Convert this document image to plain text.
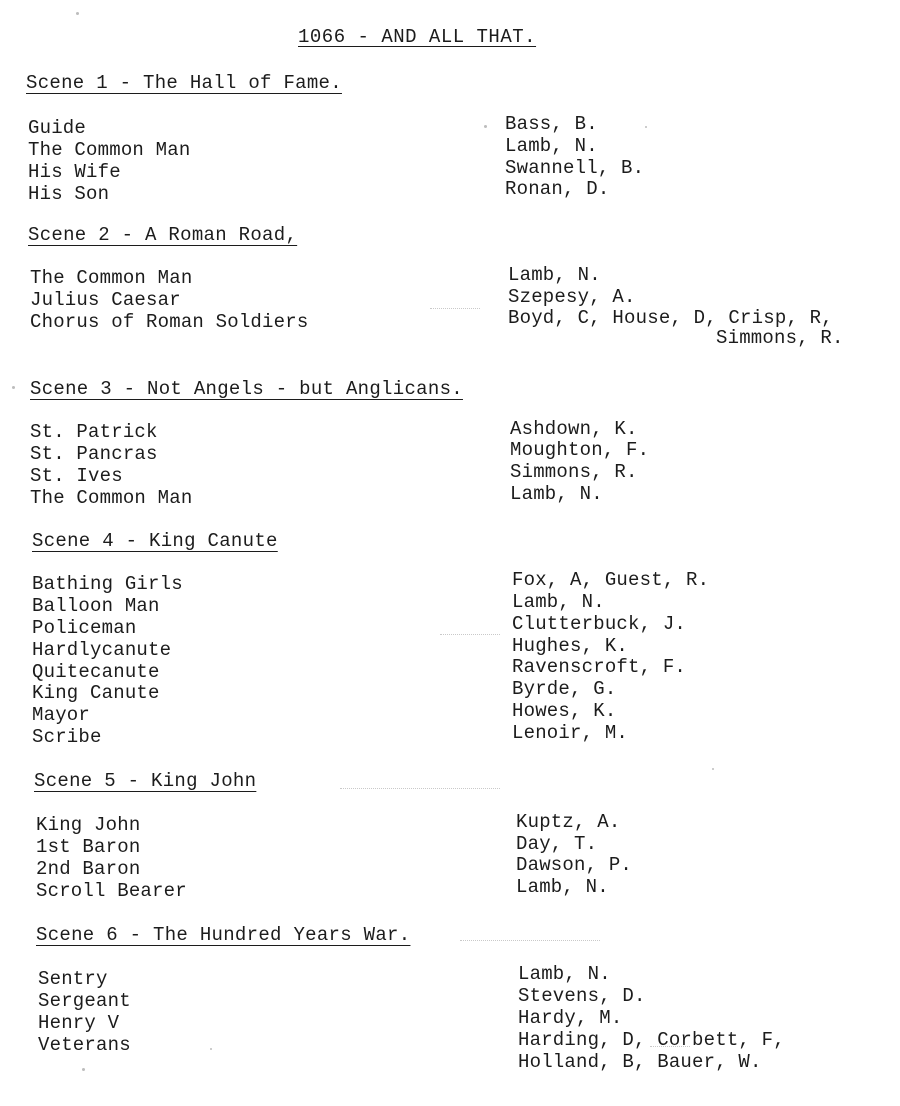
1066 - AND ALL THAT.
Scene 1 - The Hall of Fame.
Guide
The Common Man
His Wife
His Son
Bass, B.
Lamb, N.
Swannell, B.
Ronan, D.
Scene 2 - A Roman Road,
The Common Man
Julius Caesar
Chorus of Roman Soldiers
Lamb, N.
Szepesy, A.
Boyd, C, House, D, Crisp, R,
Simmons, R.
Scene 3 - Not Angels - but Anglicans.
St. Patrick
St. Pancras
St. Ives
The Common Man
Ashdown, K.
Moughton, F.
Simmons, R.
Lamb, N.
Scene 4 - King Canute
Bathing Girls
Balloon Man
Policeman
Hardlycanute
Quitecanute
King Canute
Mayor
Scribe
Fox, A, Guest, R.
Lamb, N.
Clutterbuck, J.
Hughes, K.
Ravenscroft, F.
Byrde, G.
Howes, K.
Lenoir, M.
Scene 5 - King John
King John
1st Baron
2nd Baron
Scroll Bearer
Kuptz, A.
Day, T.
Dawson, P.
Lamb, N.
Scene 6 - The Hundred Years War.
Sentry
Sergeant
Henry V
Veterans
Lamb, N.
Stevens, D.
Hardy, M.
Harding, D, Corbett, F,
Holland, B, Bauer, W.
